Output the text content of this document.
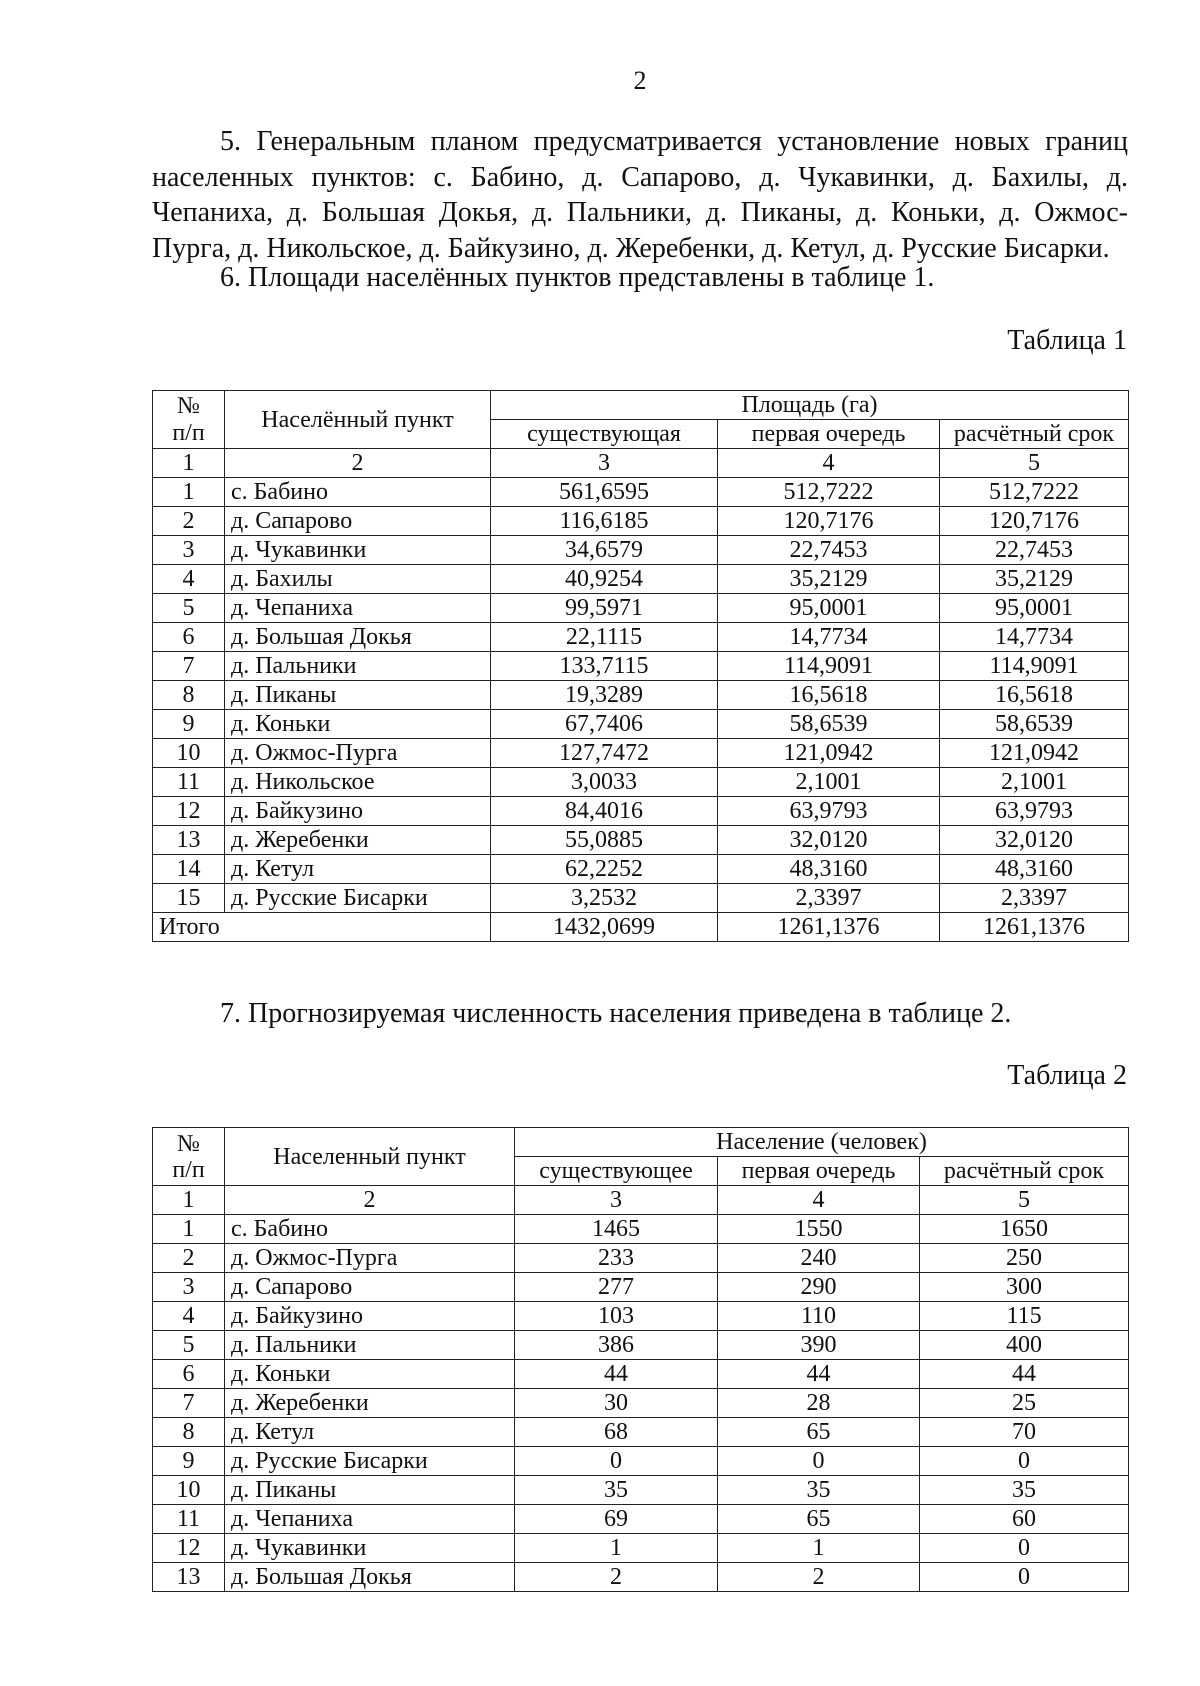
2
5. Генеральным планом предусматривается установление новых границ населенных пунктов: с. Бабино, д. Сапарово, д. Чукавинки, д. Бахилы, д. Чепаниха, д. Большая Докья, д. Пальники, д. Пиканы, д. Коньки, д. Ожмос-Пурга, д. Никольское, д. Байкузино, д. Жеребенки, д. Кетул, д. Русские Бисарки.
6. Площади населённых пунктов представлены в таблице 1.
Таблица 1
№
п/п	Населённый пункт	Площадь (га)		
		существующая	первая очередь	расчётный срок
1	2	3	4	5
1	с. Бабино	561,6595	512,7222	512,7222
2	д. Сапарово	116,6185	120,7176	120,7176
3	д. Чукавинки	34,6579	22,7453	22,7453
4	д. Бахилы	40,9254	35,2129	35,2129
5	д. Чепаниха	99,5971	95,0001	95,0001
6	д. Большая Докья	22,1115	14,7734	14,7734
7	д. Пальники	133,7115	114,9091	114,9091
8	д. Пиканы	19,3289	16,5618	16,5618
9	д. Коньки	67,7406	58,6539	58,6539
10	д. Ожмос-Пурга	127,7472	121,0942	121,0942
11	д. Никольское	3,0033	2,1001	2,1001
12	д. Байкузино	84,4016	63,9793	63,9793
13	д. Жеребенки	55,0885	32,0120	32,0120
14	д. Кетул	62,2252	48,3160	48,3160
15	д. Русские Бисарки	3,2532	2,3397	2,3397
Итого		1432,0699	1261,1376	1261,1376
7. Прогнозируемая численность населения приведена в таблице 2.
Таблица 2
№
п/п	Населенный пункт	Население (человек)		
		существующее	первая очередь	расчётный срок
1	2	3	4	5
1	с. Бабино	1465	1550	1650
2	д. Ожмос-Пурга	233	240	250
3	д. Сапарово	277	290	300
4	д. Байкузино	103	110	115
5	д. Пальники	386	390	400
6	д. Коньки	44	44	44
7	д. Жеребенки	30	28	25
8	д. Кетул	68	65	70
9	д. Русские Бисарки	0	0	0
10	д. Пиканы	35	35	35
11	д. Чепаниха	69	65	60
12	д. Чукавинки	1	1	0
13	д. Большая Докья	2	2	0
